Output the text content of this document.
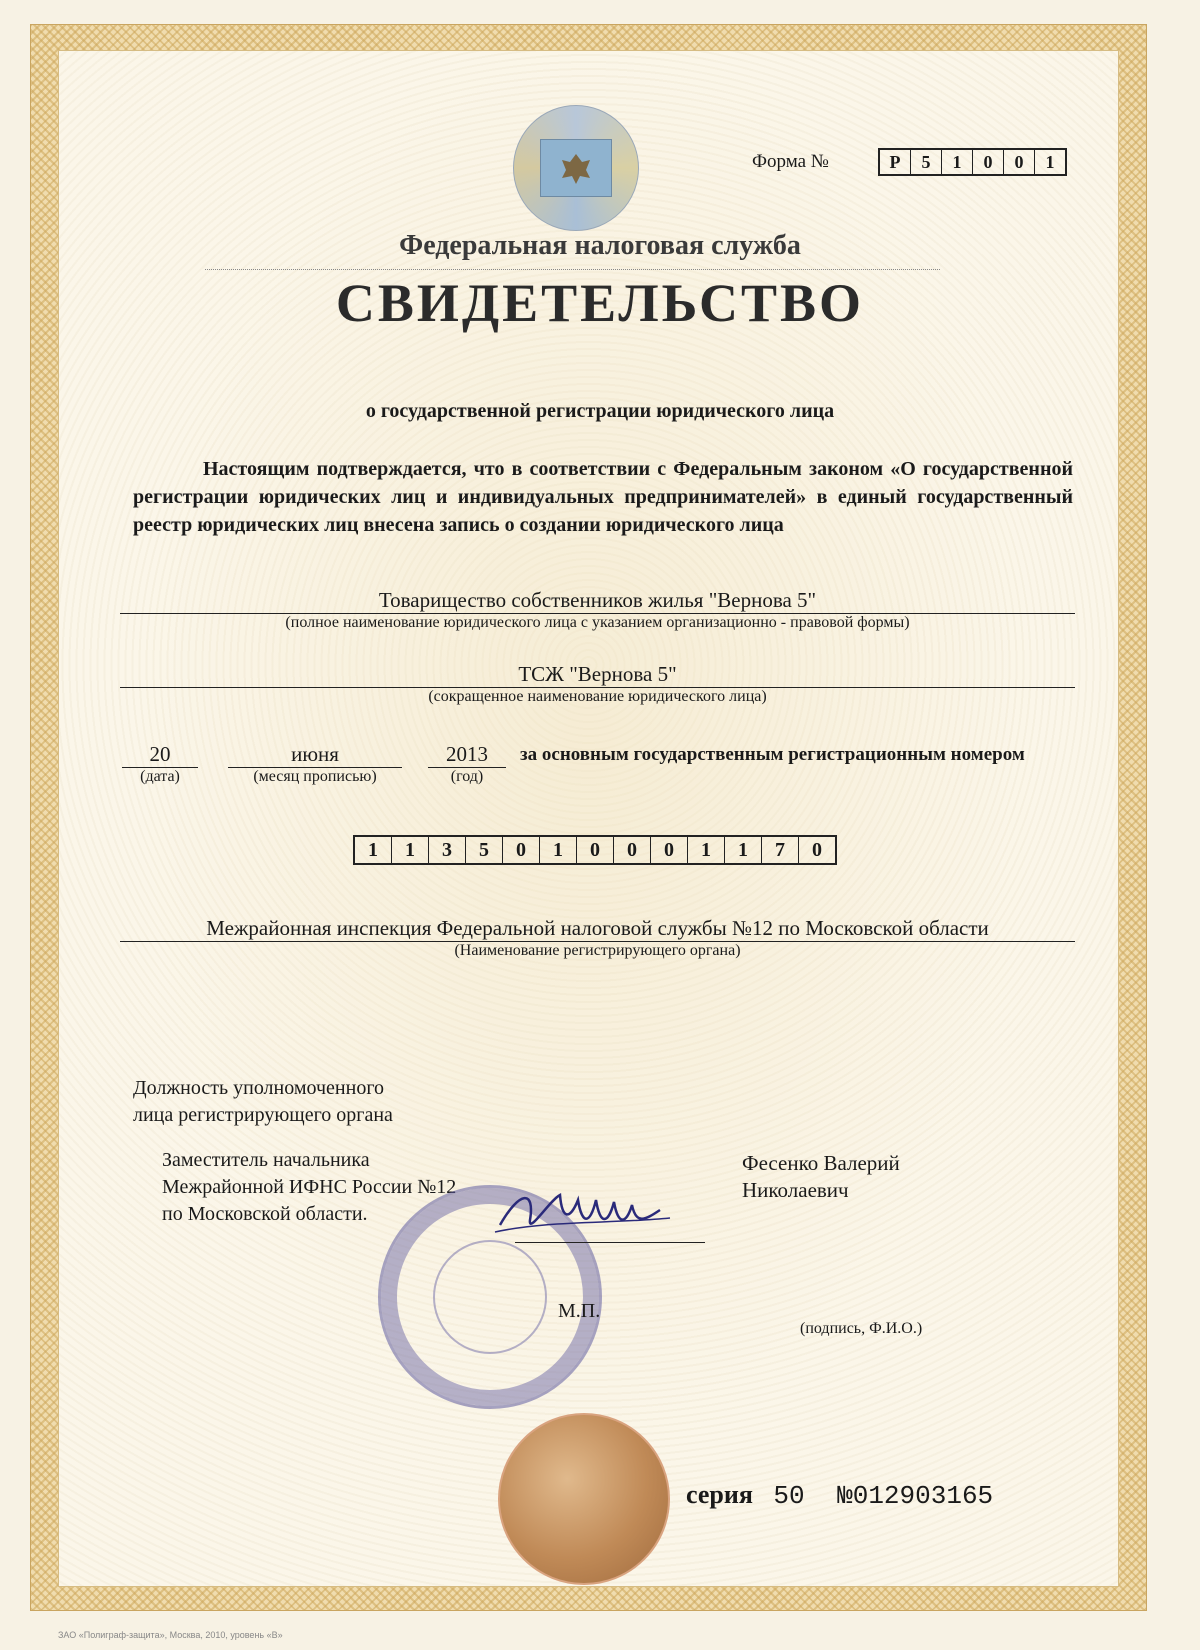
Форма №	Р	5	1	0	0	1
Федеральная налоговая служба
СВИДЕТЕЛЬСТВО
о государственной регистрации юридического лица
Настоящим подтверждается, что в соответствии с Федеральным законом «О государственной регистрации юридических лиц и индивидуальных предпринимателей» в единый государственный реестр юридических лиц внесена запись о создании юридического лица
Товарищество собственников жилья "Вернова 5"
(полное наименование юридического лица с указанием организационно - правовой формы)
ТСЖ "Вернова 5"
(сокращенное наименование юридического лица)
20
(дата)
июня
(месяц прописью)
2013
(год)
за основным государственным регистрационным номером
1	1	3	5	0	1	0	0	0	1	1	7	0
Межрайонная инспекция Федеральной налоговой службы №12 по Московской области
(Наименование регистрирующего органа)
Должность уполномоченного
лица регистрирующего органа
Заместитель начальника
Межрайонной ИФНС России №12
по Московской области.
Фесенко Валерий
Николаевич
М.П.
(подпись, Ф.И.О.)
серия 50 №012903165
ЗАО «Полиграф-защита», Москва, 2010, уровень «В»
